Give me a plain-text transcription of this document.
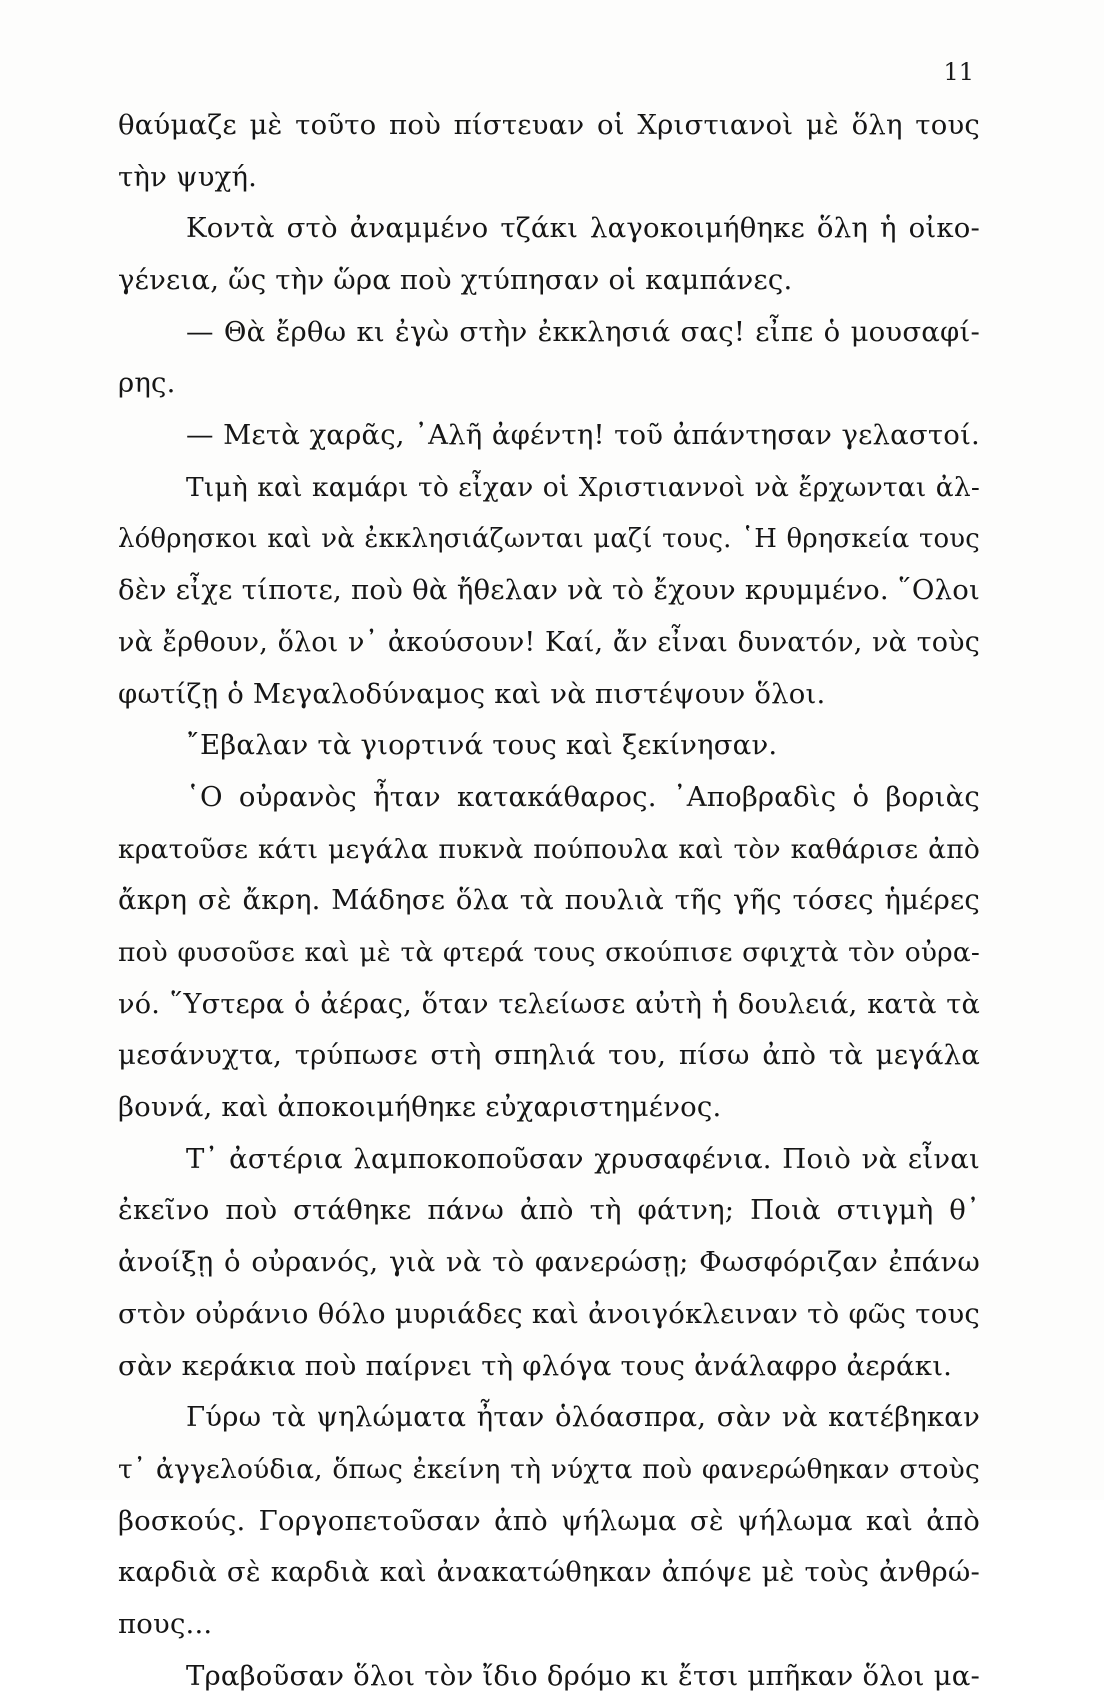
11
θαύμαζε μὲ τοῦτο ποὺ πίστευαν οἱ Χριστιανοὶ μὲ ὅλη τους
τὴν ψυχή.
Κοντὰ στὸ ἀναμμένο τζάκι λαγοκοιμήθηκε ὅλη ἡ οἰκο-
γένεια, ὥς τὴν ὥρα ποὺ χτύπησαν οἱ καμπάνες.
— Θὰ ἔρθω κι ἐγὼ στὴν ἐκκλησιά σας! εἶπε ὁ μουσαφί-
ρης.
— Μετὰ χαρᾶς, ᾿Αλῆ ἀφέντη! τοῦ ἀπάντησαν γελαστοί.
Τιμὴ καὶ καμάρι τὸ εἶχαν οἱ Χριστιαννοὶ νὰ ἔρχωνται ἀλ-
λόθρησκοι καὶ νὰ ἐκκλησιάζωνται μαζί τους. ῾Η θρησκεία τους
δὲν εἶχε τίποτε, ποὺ θὰ ἤθελαν νὰ τὸ ἔχουν κρυμμένο. ῞Ολοι
νὰ ἔρθουν, ὅλοι ν᾿ ἀκούσουν! Καί, ἄν εἶναι δυνατόν, νὰ τοὺς
φωτίζῃ ὁ Μεγαλοδύναμος καὶ νὰ πιστέψουν ὅλοι.
῎Εβαλαν τὰ γιορτινά τους καὶ ξεκίνησαν.
῾Ο οὐρανὸς ἦταν κατακάθαρος. ᾿Αποβραδὶς ὁ βοριὰς
κρατοῦσε κάτι μεγάλα πυκνὰ πούπουλα καὶ τὸν καθάρισε ἀπὸ
ἄκρη σὲ ἄκρη. Μάδησε ὅλα τὰ πουλιὰ τῆς γῆς τόσες ἡμέρες
ποὺ φυσοῦσε καὶ μὲ τὰ φτερά τους σκούπισε σφιχτὰ τὸν οὐρα-
νό. ῞Υστερα ὁ ἀέρας, ὅταν τελείωσε αὐτὴ ἡ δουλειά, κατὰ τὰ
μεσάνυχτα, τρύπωσε στὴ σπηλιά του, πίσω ἀπὸ τὰ μεγάλα
βουνά, καὶ ἀποκοιμήθηκε εὐχαριστημένος.
Τ᾿ ἀστέρια λαμποκοποῦσαν χρυσαφένια. Ποιὸ νὰ εἶναι
ἐκεῖνο ποὺ στάθηκε πάνω ἀπὸ τὴ φάτνη; Ποιὰ στιγμὴ θ᾿
ἀνοίξῃ ὁ οὐρανός, γιὰ νὰ τὸ φανερώσῃ; Φωσφόριζαν ἐπάνω
στὸν οὐράνιο θόλο μυριάδες καὶ ἀνοιγόκλειναν τὸ φῶς τους
σὰν κεράκια ποὺ παίρνει τὴ φλόγα τους ἀνάλαφρο ἀεράκι.
Γύρω τὰ ψηλώματα ἦταν ὁλόασπρα, σὰν νὰ κατέβηκαν
τ᾿ ἀγγελούδια, ὅπως ἐκείνη τὴ νύχτα ποὺ φανερώθηκαν στοὺς
βοσκούς. Γοργοπετοῦσαν ἀπὸ ψήλωμα σὲ ψήλωμα καὶ ἀπὸ
καρδιὰ σὲ καρδιὰ καὶ ἀνακατώθηκαν ἀπόψε μὲ τοὺς ἀνθρώ-
πους...
Τραβοῦσαν ὅλοι τὸν ἴδιο δρόμο κι ἔτσι μπῆκαν ὅλοι μα-
